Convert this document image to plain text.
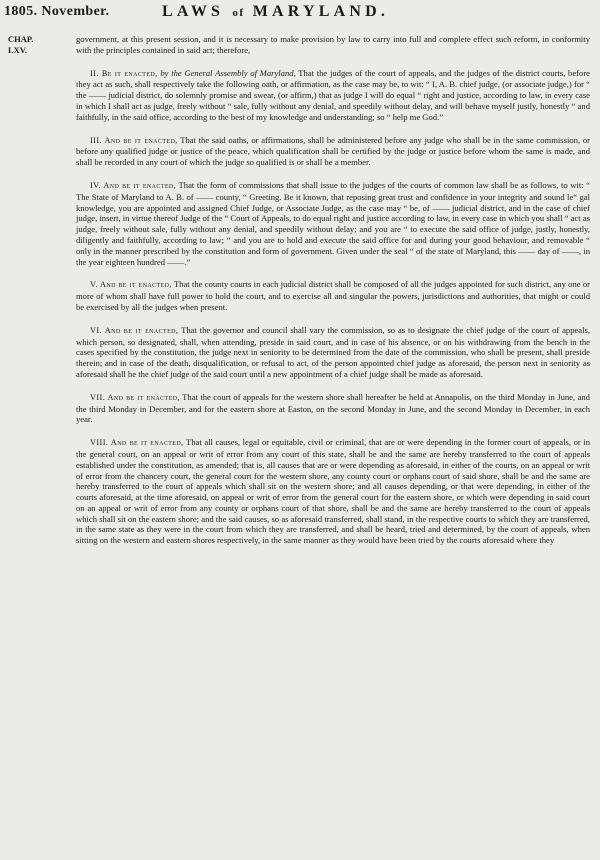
1805. November.	LAWS of MARYLAND.
CHAP.
LXV.

government, at this present session, and it is necessary to make provision by law to carry into full and complete effect such reform, in conformity with the principles contained in said act; therefore,

II. Be it enacted, by the General Assembly of Maryland, That the judges of the court of appeals, and the judges of the district courts, before they act as such, shall respectively take the following oath, or affirmation, as the case may be, to wit: “ I, A. B. chief judge, (or associate judge,) for “ the —— judicial district, do solemnly promise and swear, (or affirm,) that as judge I will do equal “ right and justice, according to law, in every case in which I shall act as judge, freely without “ sale, fully without any denial, and speedily without delay, and will behave myself justly, honestly “ and faithfully, in the said office, according to the best of my knowledge and understanding; so “ help me God.”

III. And be it enacted, That the said oaths, or affirmations, shall be administered before any judge who shall be in the same commission, or before any qualified judge or justice of the peace, which qualification shall be certified by the judge or justice before whom the same is made, and shall be recorded in any court of which the judge so qualified is or shall be a member.

IV. And be it enacted, That the form of commissions that shall issue to the judges of the courts of common law shall be as follows, to wit: “ The State of Maryland to A. B. of —— county, “ Greeting. Be it known, that reposing great trust and confidence in your integrity and sound le“ gal knowledge, you are appointed and assigned Chief Judge, or Associate Judge, as the case may “ be, of —— judicial district, and in the case of chief judge, insert, in virtue thereof Judge of the “ Court of Appeals, to do equal right and justice according to law, in every case in which you shall “ act as judge, freely without sale, fully without any denial, and speedily without delay; and you are “ to execute the said office of judge, justly, honestly, diligently and faithfully, according to law; “ and you are to hold and execute the said office for and during your good behaviour, and removable “ only in the manner prescribed by the constitution and form of government. Given under the seal “ of the state of Maryland, this —— day of ——, in the year eighteen hundred ——.”

V. And be it enacted, That the county courts in each judicial district shall be composed of all the judges appointed for such district, any one or more of whom shall have full power to hold the court, and to exercise all and singular the powers, jurisdictions and authorities, that might or could be exercised by all the judges when present.

VI. And be it enacted, That the governor and council shall vary the commission, so as to designate the chief judge of the court of appeals, which person, so designated, shall, when attending, preside in said court, and in case of his absence, or on his withdrawing from the bench in the cases specified by the constitution, the judge next in seniority to be determined from the date of the commission, who shall be present, shall preside therein; and in case of the death, disqualification, or refusal to act, of the person appointed chief judge as aforesaid, the person next in seniority as aforesaid shall be the chief judge of the said court until a new appointment of a chief judge shall be made as aforesaid.

VII. And be it enacted, That the court of appeals for the western shore shall hereafter be held at Annapolis, on the third Monday in June, and the third Monday in December, and for the eastern shore at Easton, on the second Monday in June, and the second Monday in December, in each year.

VIII. And be it enacted, That all causes, legal or equitable, civil or criminal, that are or were depending in the former court of appeals, or in the general court, on an appeal or writ of error from any court of this state, shall be and the same are hereby transferred to the court of appeals established under the constitution, as amended; that is, all causes that are or were depending as aforesaid, in either of the courts, on an appeal or writ of error from the chancery court, the general court for the western shore, any county court or orphans court of said shore, shall be and the same are hereby transferred to the court of appeals which shall sit on the western shore; and all causes depending, or that were depending, in either of the courts aforesaid, at the time aforesaid, on appeal or writ of error from the general court for the eastern shore, or which were depending in said court on an appeal or writ of error from any county or orphans court of that shore, shall be and the same are hereby transferred to the court of appeals which shall sit on the eastern shore; and the said causes, so as aforesaid transferred, shall stand, in the respective courts to which they are transferred, in the same state as they were in the court from which they are transferred, and shall be heard, tried and determined, by the court of appeals, when sitting on the western and eastern shores respectively, in the same manner as they would have been tried by the courts aforesaid where they
